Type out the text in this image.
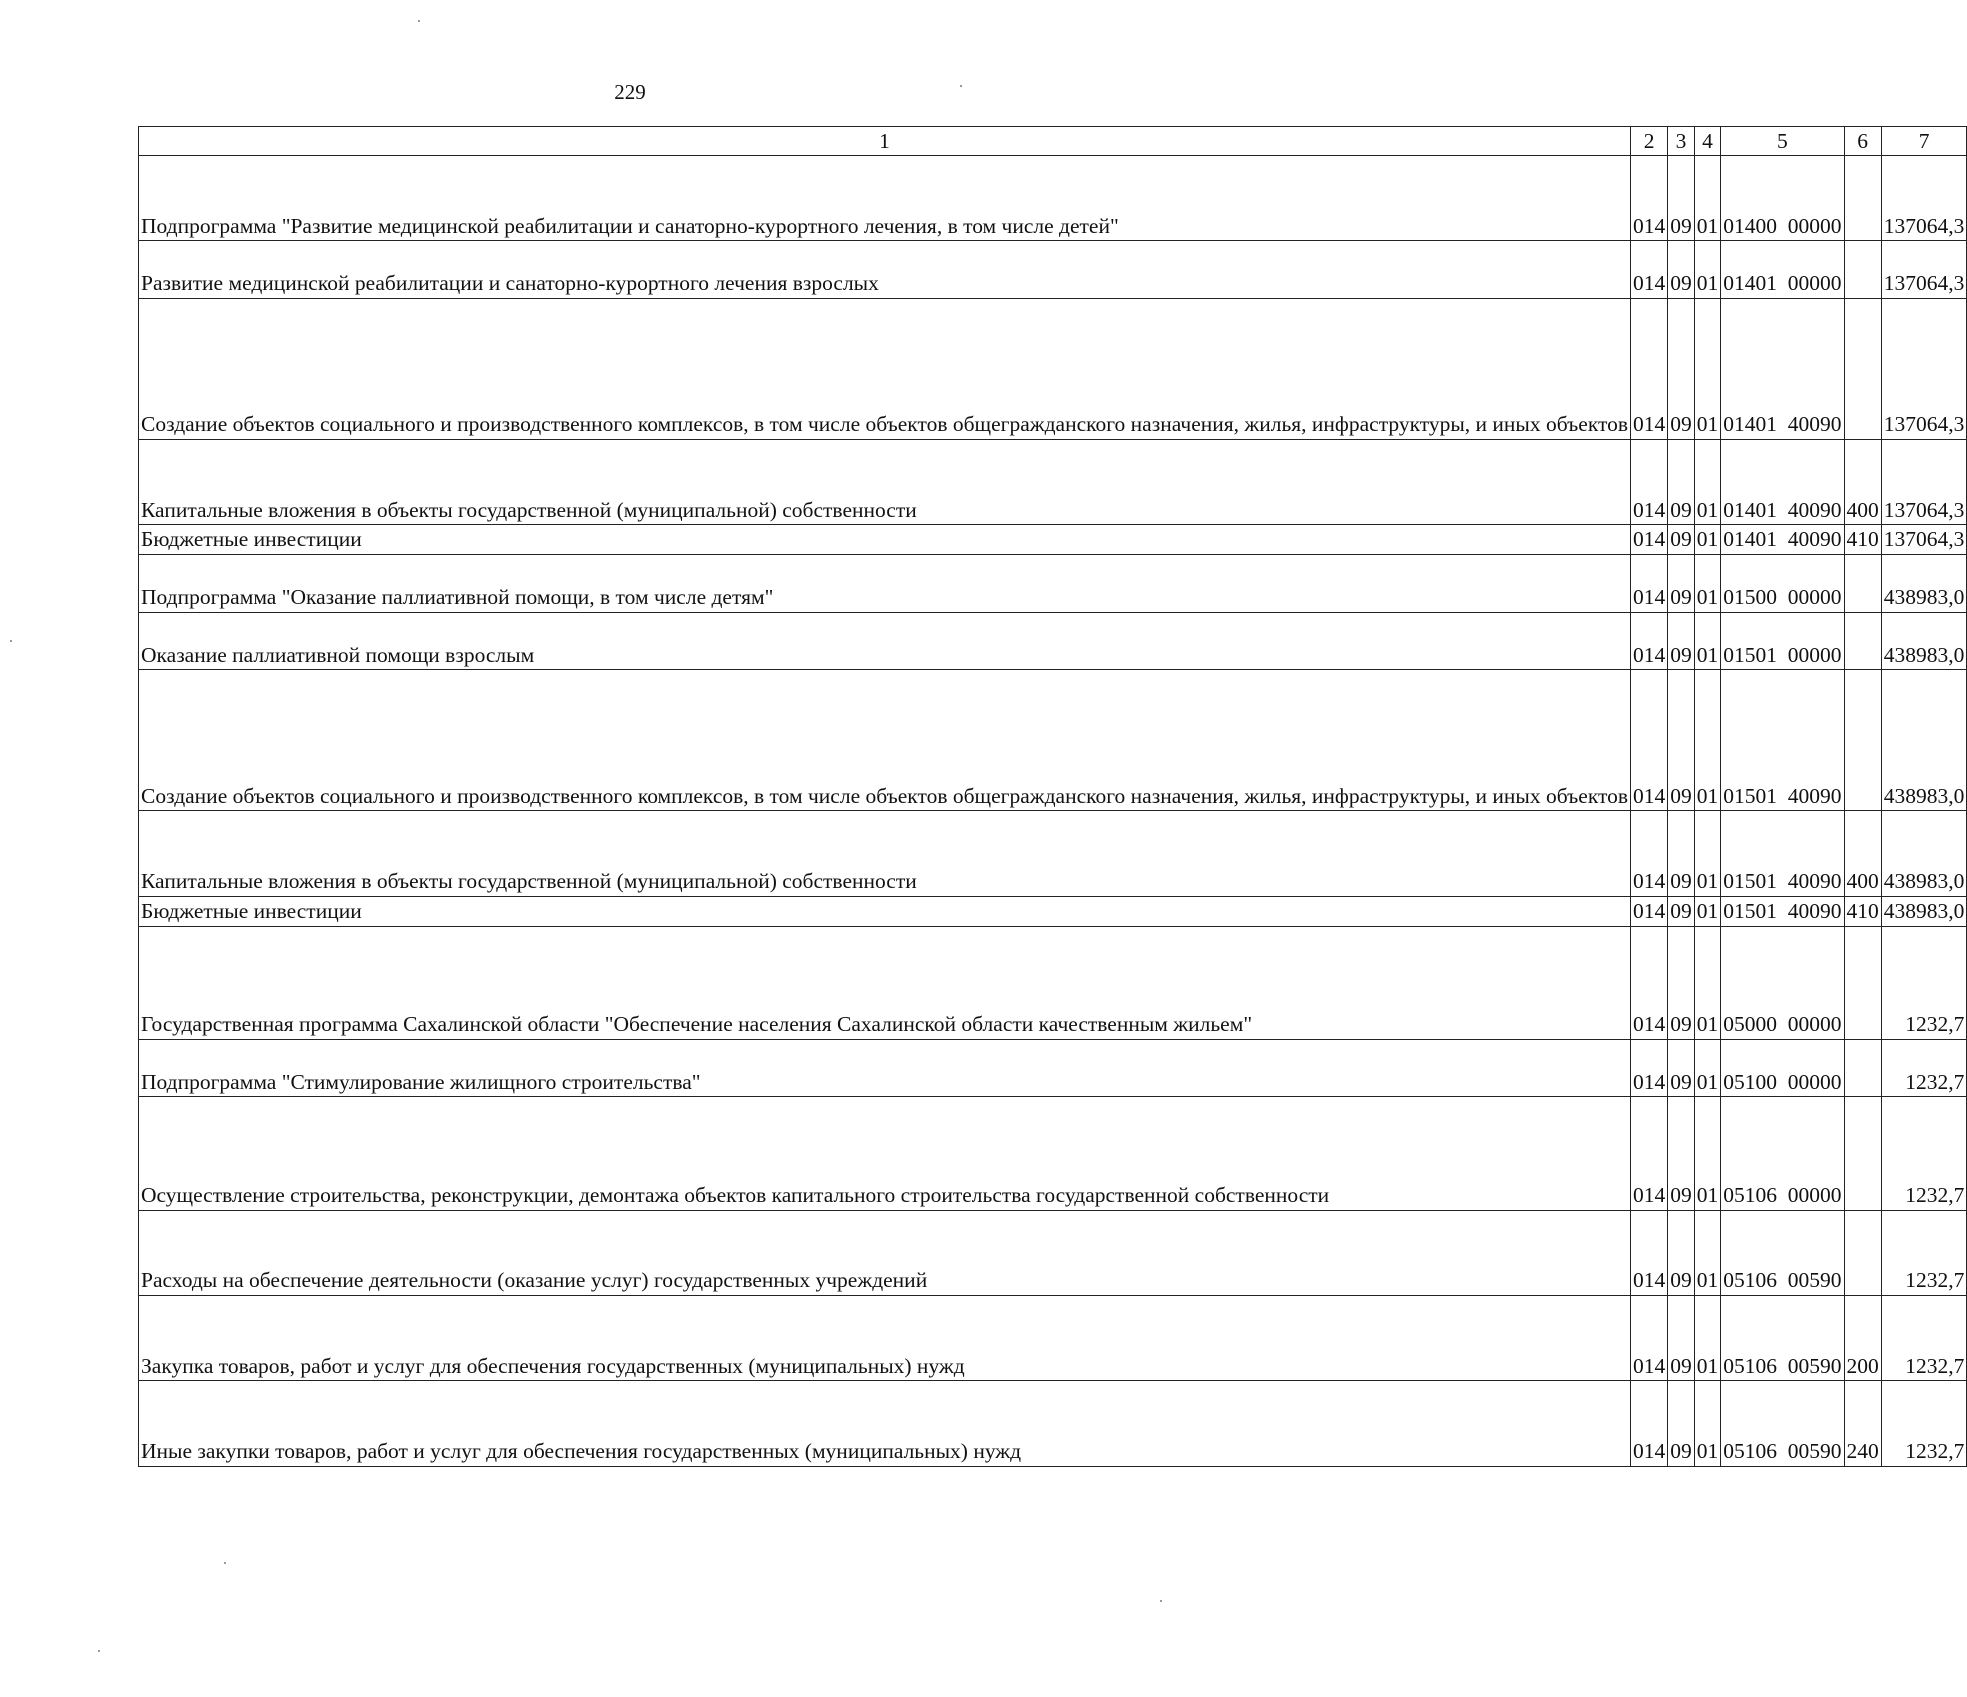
229
1	2	3	4	5	6	7
Подпрограмма "Развитие медицинской реабилитации и санаторно-курортного лечения, в том числе детей"	014	09	01	01400  00000		137064,3
Развитие медицинской реабилитации и санаторно-курортного лечения взрослых	014	09	01	01401  00000		137064,3
Создание объектов социального и производственного комплексов, в том числе объектов общегражданского назначения, жилья, инфраструктуры, и иных объектов	014	09	01	01401  40090		137064,3
Капитальные вложения в объекты государственной (муниципальной) собственности	014	09	01	01401  40090	400	137064,3
Бюджетные инвестиции	014	09	01	01401  40090	410	137064,3
Подпрограмма "Оказание паллиативной помощи, в том числе детям"	014	09	01	01500  00000		438983,0
Оказание паллиативной помощи взрослым	014	09	01	01501  00000		438983,0
Создание объектов социального и производственного комплексов, в том числе объектов общегражданского назначения, жилья, инфраструктуры, и иных объектов	014	09	01	01501  40090		438983,0
Капитальные вложения в объекты государственной (муниципальной) собственности	014	09	01	01501  40090	400	438983,0
Бюджетные инвестиции	014	09	01	01501  40090	410	438983,0
Государственная программа Сахалинской области "Обеспечение населения Сахалинской области качественным жильем"	014	09	01	05000  00000		1232,7
Подпрограмма "Стимулирование жилищного строительства"	014	09	01	05100  00000		1232,7
Осуществление строительства, реконструкции, демонтажа объектов капитального строительства государственной собственности	014	09	01	05106  00000		1232,7
Расходы на обеспечение деятельности (оказание услуг) государственных учреждений	014	09	01	05106  00590		1232,7
Закупка товаров, работ и услуг для обеспечения государственных (муниципальных) нужд	014	09	01	05106  00590	200	1232,7
Иные закупки товаров, работ и услуг для обеспечения государственных (муниципальных) нужд	014	09	01	05106  00590	240	1232,7
